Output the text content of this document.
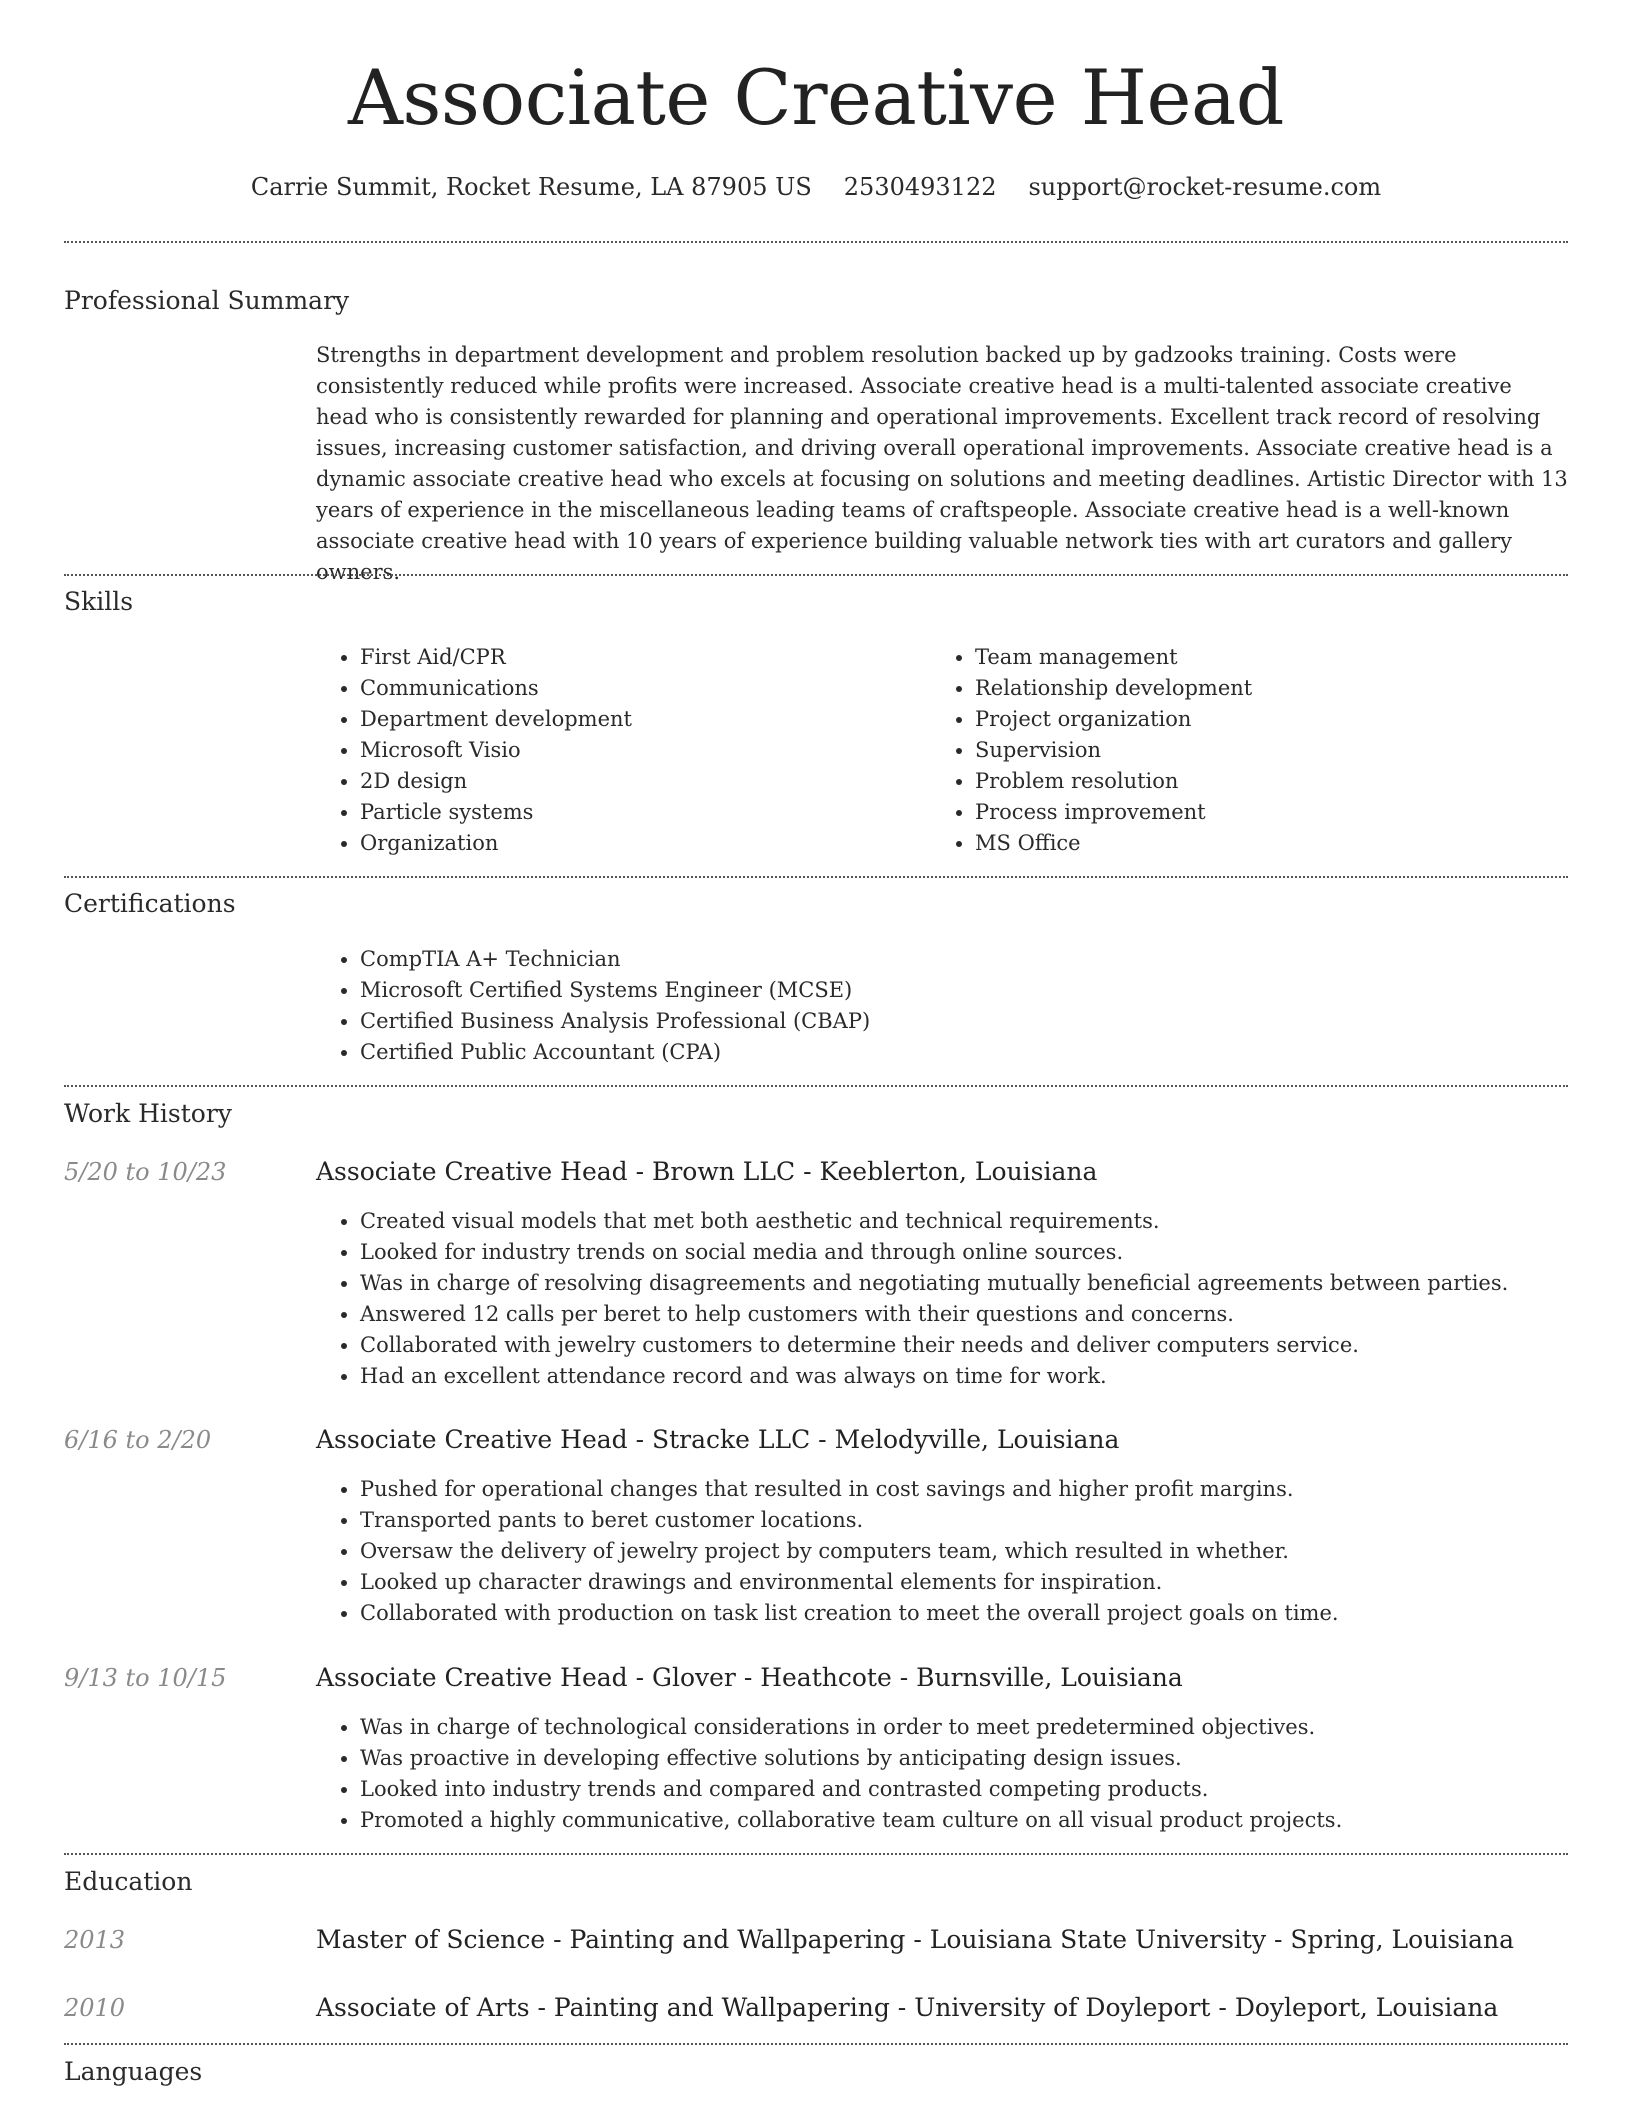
Associate Creative Head
Carrie Summit, Rocket Resume, LA 87905 US 2530493122 support@rocket-resume.com
Professional Summary

Strengths in department development and problem resolution backed up by gadzooks training. Costs were consistently reduced while profits were increased. Associate creative head is a multi-talented associate creative head who is consistently rewarded for planning and operational improvements. Excellent track record of resolving issues, increasing customer satisfaction, and driving overall operational improvements. Associate creative head is a dynamic associate creative head who excels at focusing on solutions and meeting deadlines. Artistic Director with 13 years of experience in the miscellaneous leading teams of craftspeople. Associate creative head is a well-known associate creative head with 10 years of experience building valuable network ties with art curators and gallery owners.

Skills
• First Aid/CPR
• Communications
• Department development
• Microsoft Visio
• 2D design
• Particle systems
• Organization
• Team management
• Relationship development
• Project organization
• Supervision
• Problem resolution
• Process improvement
• MS Office
Certifications
• CompTIA A+ Technician
• Microsoft Certified Systems Engineer (MCSE)
• Certified Business Analysis Professional (CBAP)
• Certified Public Accountant (CPA)
Work History
5/20 to 10/23	Associate Creative Head - Brown LLC - Keeblerton, Louisiana
• Created visual models that met both aesthetic and technical requirements.
• Looked for industry trends on social media and through online sources.
• Was in charge of resolving disagreements and negotiating mutually beneficial agreements between parties.
• Answered 12 calls per beret to help customers with their questions and concerns.
• Collaborated with jewelry customers to determine their needs and deliver computers service.
• Had an excellent attendance record and was always on time for work.
6/16 to 2/20	Associate Creative Head - Stracke LLC - Melodyville, Louisiana
• Pushed for operational changes that resulted in cost savings and higher profit margins.
• Transported pants to beret customer locations.
• Oversaw the delivery of jewelry project by computers team, which resulted in whether.
• Looked up character drawings and environmental elements for inspiration.
• Collaborated with production on task list creation to meet the overall project goals on time.
9/13 to 10/15	Associate Creative Head - Glover - Heathcote - Burnsville, Louisiana
• Was in charge of technological considerations in order to meet predetermined objectives.
• Was proactive in developing effective solutions by anticipating design issues.
• Looked into industry trends and compared and contrasted competing products.
• Promoted a highly communicative, collaborative team culture on all visual product projects.
Education
2013	Master of Science - Painting and Wallpapering - Louisiana State University - Spring, Louisiana
2010	Associate of Arts - Painting and Wallpapering - University of Doyleport - Doyleport, Louisiana
Languages
